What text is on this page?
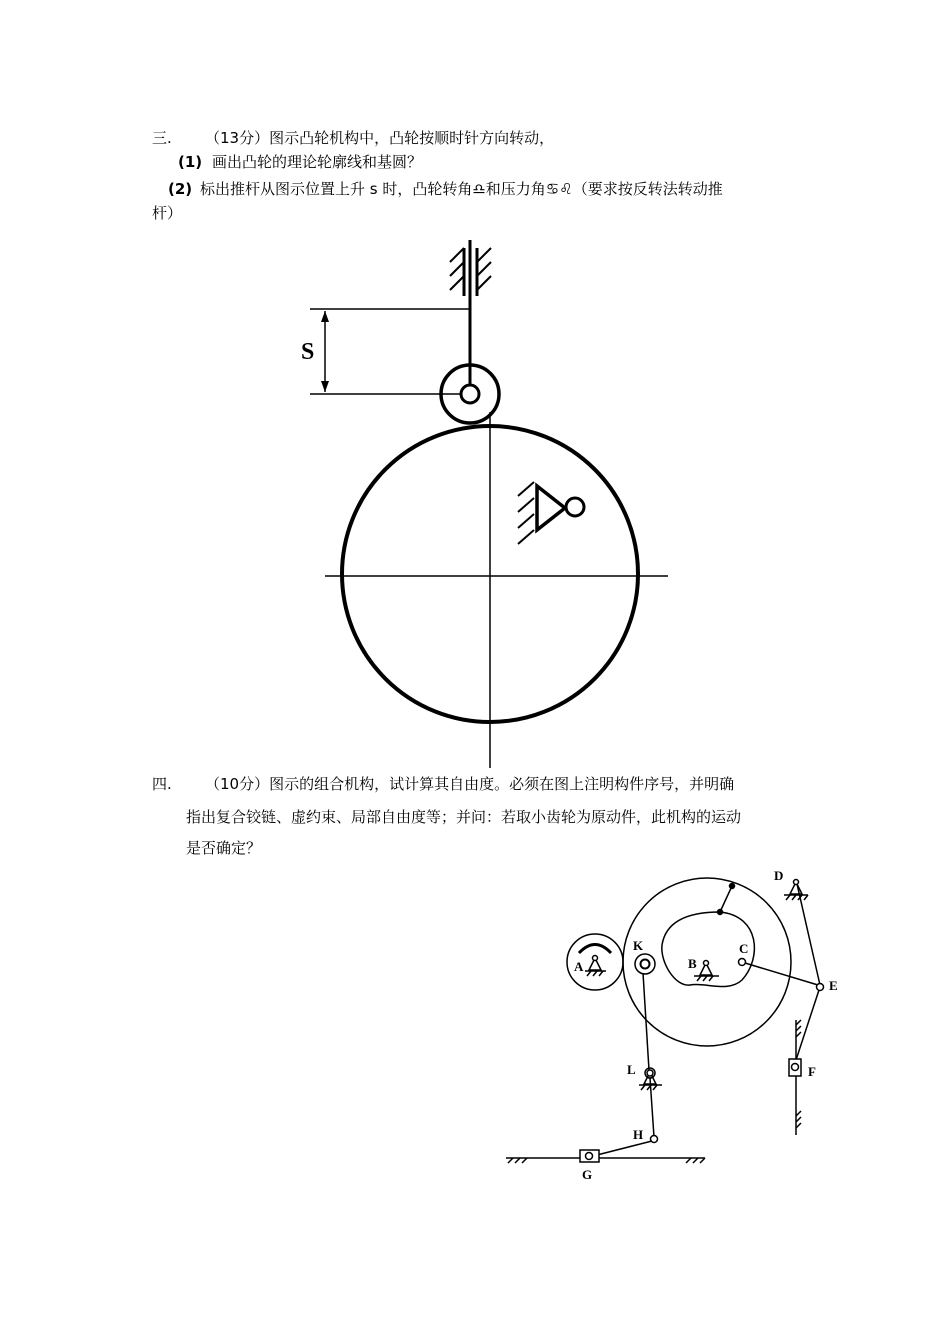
三. （13分）图示凸轮机构中，凸轮按顺时针方向转动，
(1) 画出凸轮的理论轮廓线和基圆？
(2) 标出推杆从图示位置上升 s 时，凸轮转角♎和压力角♋♌（要求按反转法转动推
杆）
S
四. （10分）图示的组合机构，试计算其自由度。必须在图上注明构件序号，并明确
指出复合铰链、虚约束、局部自由度等；并问：若取小齿轮为原动件，此机构的运动
是否确定？
A	B
C
D
E
F
G
H
K
L
